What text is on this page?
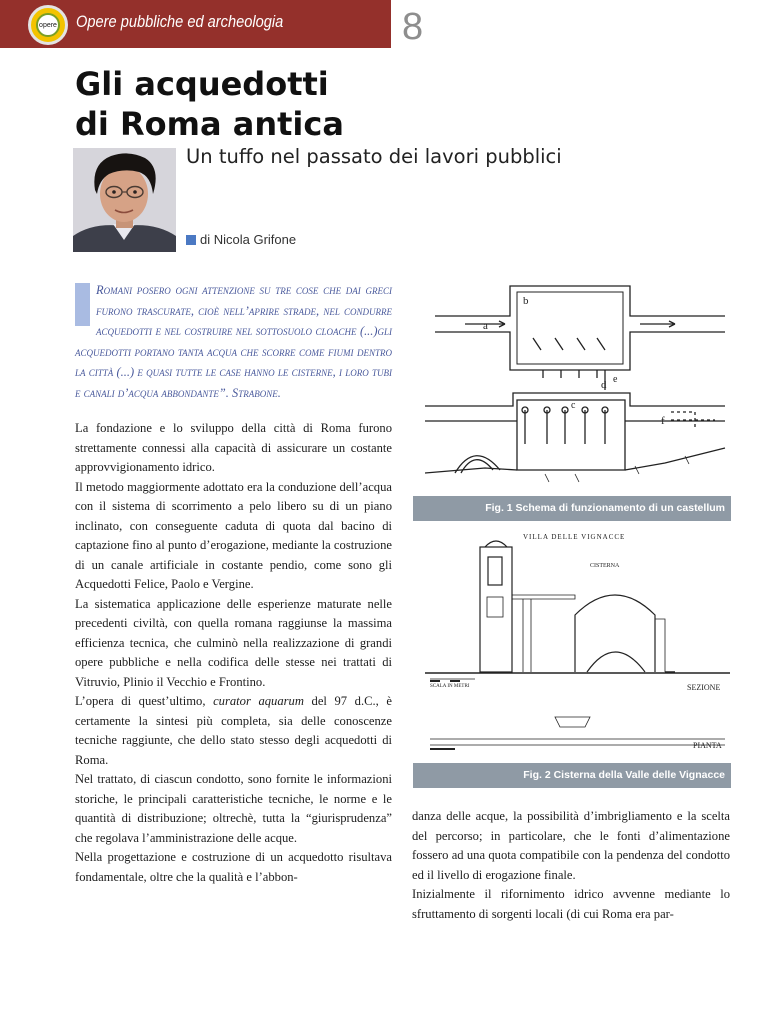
opere Opere pubbliche ed archeologia	8
Gli acquedotti
di Roma antica
Un tuffo nel passato dei lavori pubblici
di Nicola Grifone
Romani posero ogni attenzione su tre cose che dai greci furono trascurate, cioè nell’aprire strade, nel condurre acquedotti e nel costruire nel sottosuolo cloache (...)gli acquedotti portano tanta acqua che scorre come fiumi dentro la città (...) e quasi tutte le case hanno le cisterne, i loro tubi e canali d’acqua abbondante”. Strabone.

La fondazione e lo sviluppo della città di Roma furono strettamente connessi alla capacità di assicurare un costante approvvigionamento idrico.

Il metodo maggiormente adottato era la conduzione dell’acqua con il sistema di scorrimento a pelo libero su di un piano inclinato, con conseguente caduta di quota dal bacino di captazione fino al punto d’erogazione, mediante la costruzione di un canale artificiale in costante pendio, come sono gli Acquedotti Felice, Paolo e Vergine.

La sistematica applicazione delle esperienze maturate nelle precedenti civiltà, con quella romana raggiunse la massima efficienza tecnica, che culminò nella realizzazione di grandi opere pubbliche e nella codifica delle stesse nei trattati di Vitruvio, Plinio il Vecchio e Frontino.

L’opera di quest’ultimo, curator aquarum del 97 d.C., è certamente la sintesi più completa, sia delle conoscenze tecniche raggiunte, che dello stato stesso degli acquedotti di Roma.

Nel trattato, di ciascun condotto, sono fornite le informazioni storiche, le principali caratteristiche tecniche, le norme e le quantità di distribuzione; oltrechè, tutta la “giurisprudenza” che regolava l’amministrazione delle acque.

Nella progettazione e costruzione di un acquedotto risultava fondamentale, oltre che la qualità e l’abbon-

a
b
c
d e
f
Fig. 1 Schema di funzionamento di un castellum
VILLA DELLE VIGNACCE
CISTERNA
SCALA IN METRI	SEZIONE
PIANTA
Fig. 2 Cisterna della Valle delle Vignacce

danza delle acque, la possibilità d’imbrigliamento e la scelta del percorso; in particolare, che le fonti d’alimentazione fossero ad una quota compatibile con la pendenza del condotto ed il livello di erogazione finale.

Inizialmente il rifornimento idrico avvenne mediante lo sfruttamento di sorgenti locali (di cui Roma era par-
